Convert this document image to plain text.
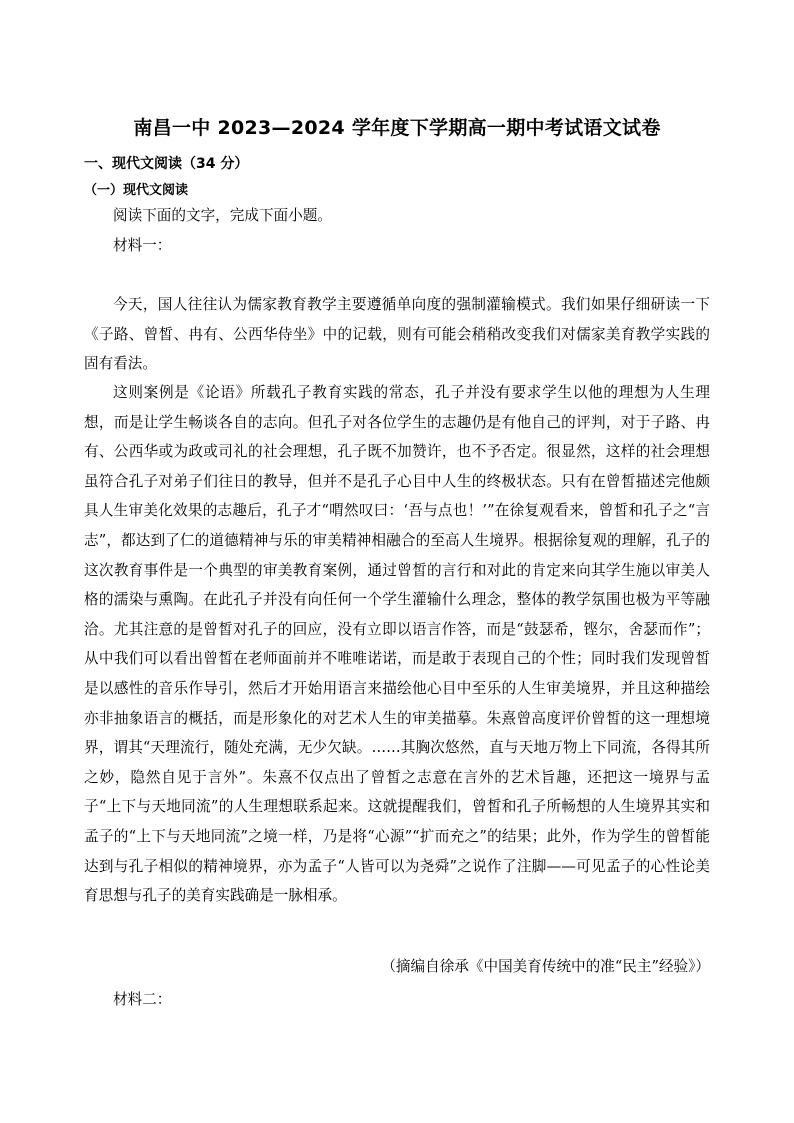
南昌一中 2023—2024 学年度下学期高一期中考试语文试卷
一、现代文阅读（34 分）
（一）现代文阅读

阅读下面的文字，完成下面小题。

材料一：

今天，国人往往认为儒家教育教学主要遵循单向度的强制灌输模式。我们如果仔细研读一下《子路、曾皙、冉有、公西华侍坐》中的记载，则有可能会稍稍改变我们对儒家美育教学实践的固有看法。

这则案例是《论语》所载孔子教育实践的常态，孔子并没有要求学生以他的理想为人生理想，而是让学生畅谈各自的志向。但孔子对各位学生的志趣仍是有他自己的评判，对于子路、冉有、公西华或为政或司礼的社会理想，孔子既不加赞许，也不予否定。很显然，这样的社会理想虽符合孔子对弟子们往日的教导，但并不是孔子心目中人生的终极状态。只有在曾皙描述完他颇具人生审美化效果的志趣后，孔子才“喟然叹曰：‘吾与点也！’”在徐复观看来，曾皙和孔子之“言志”，都达到了仁的道德精神与乐的审美精神相融合的至高人生境界。根据徐复观的理解，孔子的这次教育事件是一个典型的审美教育案例，通过曾皙的言行和对此的肯定来向其学生施以审美人格的濡染与熏陶。在此孔子并没有向任何一个学生灌输什么理念，整体的教学氛围也极为平等融洽。尤其注意的是曾皙对孔子的回应，没有立即以语言作答，而是“鼓瑟希，铿尔，舍瑟而作”；从中我们可以看出曾皙在老师面前并不唯唯诺诺，而是敢于表现自己的个性；同时我们发现曾皙是以感性的音乐作导引，然后才开始用语言来描绘他心目中至乐的人生审美境界，并且这种描绘亦非抽象语言的概括，而是形象化的对艺术人生的审美描摹。朱熹曾高度评价曾皙的这一理想境界，谓其“天理流行，随处充满，无少欠缺。……其胸次悠然，直与天地万物上下同流，各得其所之妙，隐然自见于言外”。朱熹不仅点出了曾皙之志意在言外的艺术旨趣，还把这一境界与孟子“上下与天地同流”的人生理想联系起来。这就提醒我们，曾皙和孔子所畅想的人生境界其实和孟子的“上下与天地同流”之境一样，乃是将“心源”“扩而充之”的结果；此外，作为学生的曾皙能达到与孔子相似的精神境界，亦为孟子“人皆可以为尧舜”之说作了注脚——可见孟子的心性论美育思想与孔子的美育实践确是一脉相承。

（摘编自徐承《中国美育传统中的准“民主”经验》）

材料二：
